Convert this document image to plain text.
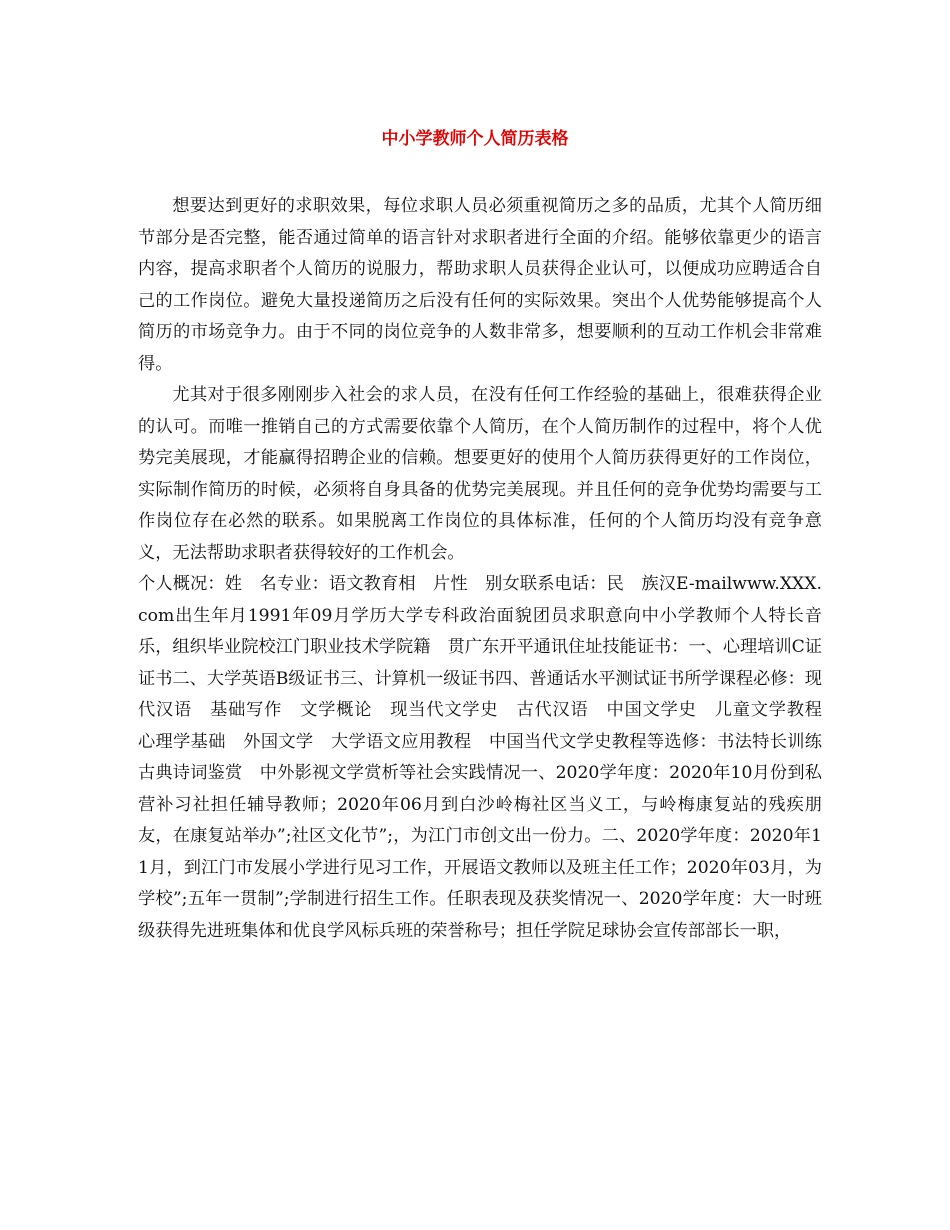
中小学教师个人简历表格

想要达到更好的求职效果，每位求职人员必须重视简历之多的品质，尤其个人简历细节部分是否完整，能否通过简单的语言针对求职者进行全面的介绍。能够依靠更少的语言内容，提高求职者个人简历的说服力，帮助求职人员获得企业认可，以便成功应聘适合自己的工作岗位。避免大量投递简历之后没有任何的实际效果。突出个人优势能够提高个人简历的市场竞争力。由于不同的岗位竞争的人数非常多，想要顺利的互动工作机会非常难得。

尤其对于很多刚刚步入社会的求人员，在没有任何工作经验的基础上，很难获得企业的认可。而唯一推销自己的方式需要依靠个人简历，在个人简历制作的过程中，将个人优势完美展现，才能赢得招聘企业的信赖。想要更好的使用个人简历获得更好的工作岗位，实际制作简历的时候，必须将自身具备的优势完美展现。并且任何的竞争优势均需要与工作岗位存在必然的联系。如果脱离工作岗位的具体标准，任何的个人简历均没有竞争意义，无法帮助求职者获得较好的工作机会。

个人概况：姓　名专业：语文教育相　片性　别女联系电话：民　族汉E-mailwww.XXX.com出生年月1991年09月学历大学专科政治面貌团员求职意向中小学教师个人特长音乐，组织毕业院校江门职业技术学院籍　贯广东开平通讯住址技能证书：一、心理培训C证证书二、大学英语B级证书三、计算机一级证书四、普通话水平测试证书所学课程必修：现代汉语　基础写作　文学概论　现当代文学史　古代汉语　中国文学史　儿童文学教程　心理学基础　外国文学　大学语文应用教程　中国当代文学史教程等选修：书法特长训练　古典诗词鉴赏　中外影视文学赏析等社会实践情况一、2020学年度：2020年10月份到私营补习社担任辅导教师；2020年06月到白沙岭梅社区当义工，与岭梅康复站的残疾朋友，在康复站举办”;社区文化节”;，为江门市创文出一份力。二、2020学年度：2020年11月，到江门市发展小学进行见习工作，开展语文教师以及班主任工作；2020年03月，为学校”;五年一贯制”;学制进行招生工作。任职表现及获奖情况一、2020学年度：大一时班级获得先进班集体和优良学风标兵班的荣誉称号；担任学院足球协会宣传部部长一职，
